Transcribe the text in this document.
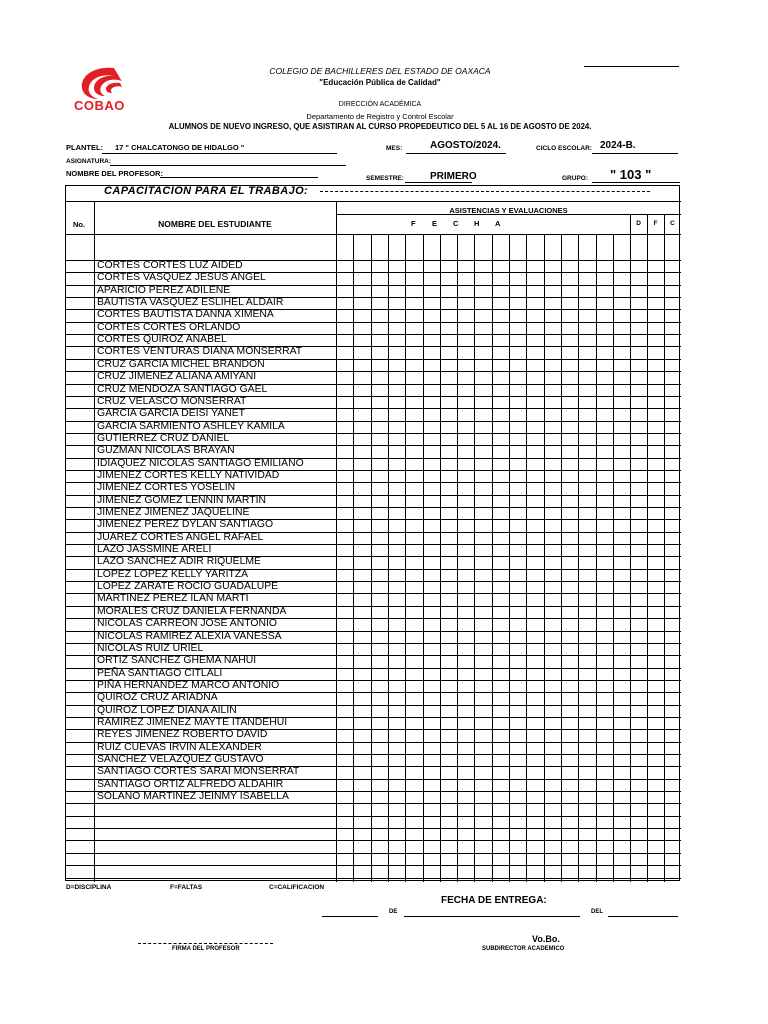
COBAO
COLEGIO DE BACHILLERES DEL ESTADO DE OAXACA
"Educación Pública de Calidad"
DIRECCIÓN ACADÉMICA
Departamento de Registro y Control Escolar
ALUMNOS DE NUEVO INGRESO, QUE ASISTIRAN AL CURSO PROPEDEUTICO DEL 5 AL 16 DE AGOSTO DE 2024.
PLANTEL: 17 " CHALCATONGO DE HIDALGO "	MES:	AGOSTO/2024.	CICLO ESCOLAR: 2024-B.
ASIGNATURA:
NOMBRE DEL PROFESOR:
SEMESTRE:	PRIMERO	GRUPO: " 103 "
CAPACITACION PARA EL TRABAJO:
No.	NOMBRE DEL ESTUDIANTE
ASISTENCIAS Y EVALUACIONES
F E C H A	D	F	C
CORTES CORTES LUZ AIDED
CORTES VASQUEZ JESUS ANGEL
APARICIO PEREZ ADILENE
BAUTISTA VASQUEZ ESLIHEL ALDAIR
CORTES BAUTISTA DANNA XIMENA
CORTES CORTES ORLANDO
CORTES QUIROZ ANABEL
CORTES VENTURAS DIANA MONSERRAT
CRUZ GARCIA MICHEL BRANDON
CRUZ JIMENEZ ALIANA AMIYANI
CRUZ MENDOZA SANTIAGO GAEL
CRUZ VELASCO MONSERRAT
GARCIA GARCIA DEISI YANET
GARCIA SARMIENTO ASHLEY KAMILA
GUTIERREZ CRUZ DANIEL
GUZMAN NICOLAS BRAYAN
IDIAQUEZ NICOLAS SANTIAGO EMILIANO
JIMENEZ CORTES KELLY NATIVIDAD
JIMENEZ CORTES YOSELIN
JIMENEZ GOMEZ LENNIN MARTIN
JIMENEZ JIMENEZ JAQUELINE
JIMENEZ PEREZ DYLAN SANTIAGO
JUAREZ CORTES ANGEL RAFAEL
LAZO JASSMINE ARELI
LAZO SANCHEZ ADIR RIQUELME
LOPEZ LOPEZ KELLY YARITZA
LOPEZ ZARATE ROCIO GUADALUPE
MARTINEZ PEREZ ILAN MARTI
MORALES CRUZ DANIELA FERNANDA
NICOLAS CARREON JOSE ANTONIO
NICOLAS RAMIREZ ALEXIA VANESSA
NICOLAS RUIZ URIEL
ORTIZ SANCHEZ GHEMA NAHUI
PEÑA SANTIAGO CITLALI
PIÑA HERNANDEZ MARCO ANTONIO
QUIROZ CRUZ ARIADNA
QUIROZ LOPEZ DIANA AILIN
RAMIREZ JIMENEZ MAYTE ITANDEHUI
REYES JIMENEZ ROBERTO DAVID
RUIZ CUEVAS IRVIN ALEXANDER
SANCHEZ VELAZQUEZ GUSTAVO
SANTIAGO CORTES SARAI MONSERRAT
SANTIAGO ORTIZ ALFREDO ALDAHIR
SOLANO MARTINEZ JEINMY ISABELLA
D=DISCIPLINA	F=FALTAS	C=CALIFICACION
FECHA DE ENTREGA:
DE	DEL
FIRMA DEL PROFESOR
Vo.Bo.
SUBDIRECTOR ACADEMICO
